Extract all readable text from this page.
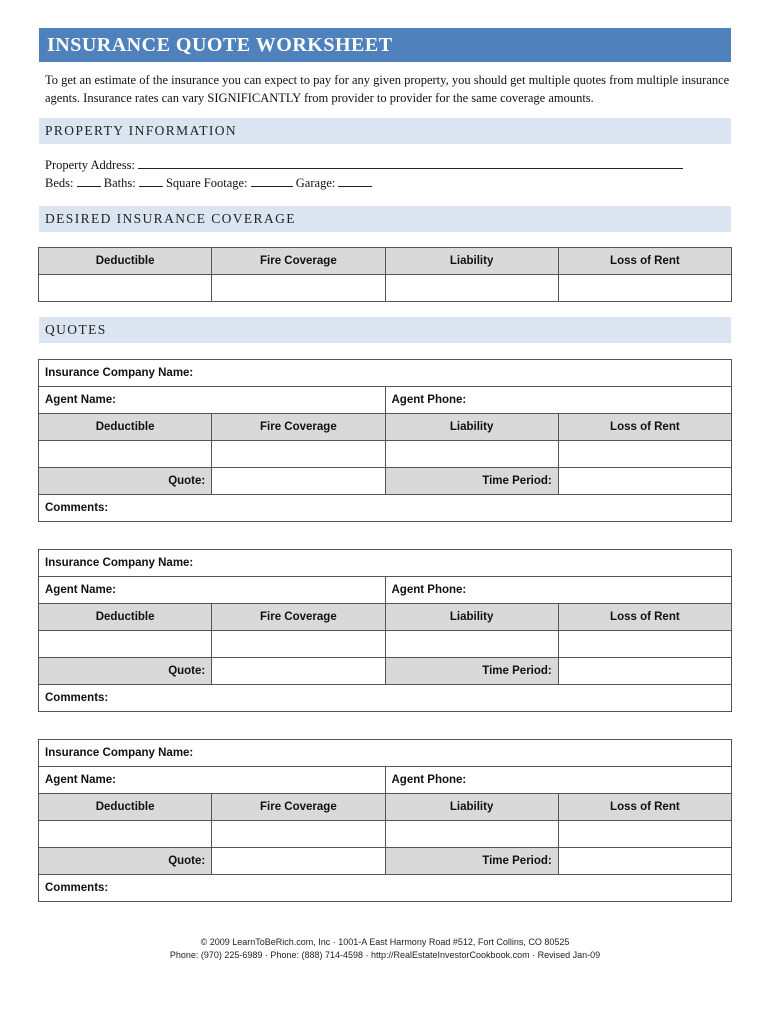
INSURANCE QUOTE WORKSHEET
To get an estimate of the insurance you can expect to pay for any given property, you should get multiple quotes from multiple insurance agents. Insurance rates can vary SIGNIFICANTLY from provider to provider for the same coverage amounts.
PROPERTY INFORMATION
Property Address:
Beds: Baths: Square Footage:	Garage:
DESIRED INSURANCE COVERAGE
Deductible	Fire Coverage	Liability	Loss of Rent

QUOTES
Insurance Company Name:			
Agent Name:		Agent Phone:	
Deductible	Fire Coverage	Liability	Loss of Rent

Quote:		Time Period:	
Comments:			
Insurance Company Name:			
Agent Name:		Agent Phone:	
Deductible	Fire Coverage	Liability	Loss of Rent

Quote:		Time Period:	
Comments:			
Insurance Company Name:			
Agent Name:		Agent Phone:	
Deductible	Fire Coverage	Liability	Loss of Rent

Quote:		Time Period:	
Comments:			
© 2009 LearnToBeRich.com, Inc · 1001-A East Harmony Road #512, Fort Collins, CO 80525
Phone: (970) 225-6989 · Phone: (888) 714-4598 · http://RealEstateInvestorCookbook.com · Revised Jan-09
